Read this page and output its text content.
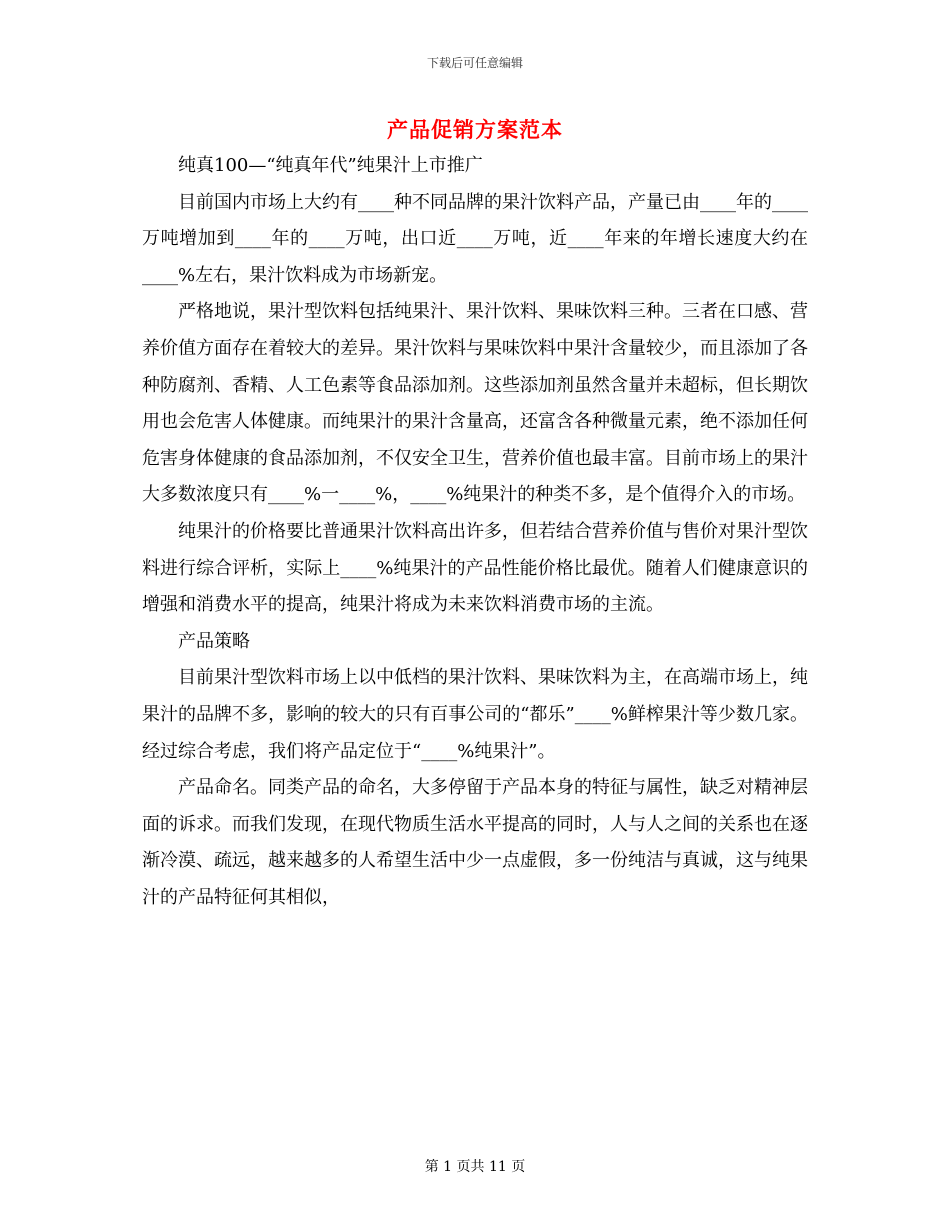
下载后可任意编辑
产品促销方案范本

纯真100—“纯真年代”纯果汁上市推广

目前国内市场上大约有____种不同品牌的果汁饮料产品，产量已由____年的____万吨增加到____年的____万吨，出口近____万吨，近____年来的年增长速度大约在____%左右，果汁饮料成为市场新宠。

严格地说，果汁型饮料包括纯果汁、果汁饮料、果味饮料三种。三者在口感、营养价值方面存在着较大的差异。果汁饮料与果味饮料中果汁含量较少，而且添加了各种防腐剂、香精、人工色素等食品添加剂。这些添加剂虽然含量并未超标，但长期饮用也会危害人体健康。而纯果汁的果汁含量高，还富含各种微量元素，绝不添加任何危害身体健康的食品添加剂，不仅安全卫生，营养价值也最丰富。目前市场上的果汁大多数浓度只有____%一____%，____%纯果汁的种类不多，是个值得介入的市场。

纯果汁的价格要比普通果汁饮料高出许多，但若结合营养价值与售价对果汁型饮料进行综合评析，实际上____%纯果汁的产品性能价格比最优。随着人们健康意识的增强和消费水平的提高，纯果汁将成为未来饮料消费市场的主流。

产品策略

目前果汁型饮料市场上以中低档的果汁饮料、果味饮料为主，在高端市场上，纯果汁的品牌不多，影响的较大的只有百事公司的“都乐”____%鲜榨果汁等少数几家。经过综合考虑，我们将产品定位于“____%纯果汁”。

产品命名。同类产品的命名，大多停留于产品本身的特征与属性，缺乏对精神层面的诉求。而我们发现，在现代物质生活水平提高的同时，人与人之间的关系也在逐渐冷漠、疏远，越来越多的人希望生活中少一点虚假，多一份纯洁与真诚，这与纯果汁的产品特征何其相似，

第 1 页共 11 页
